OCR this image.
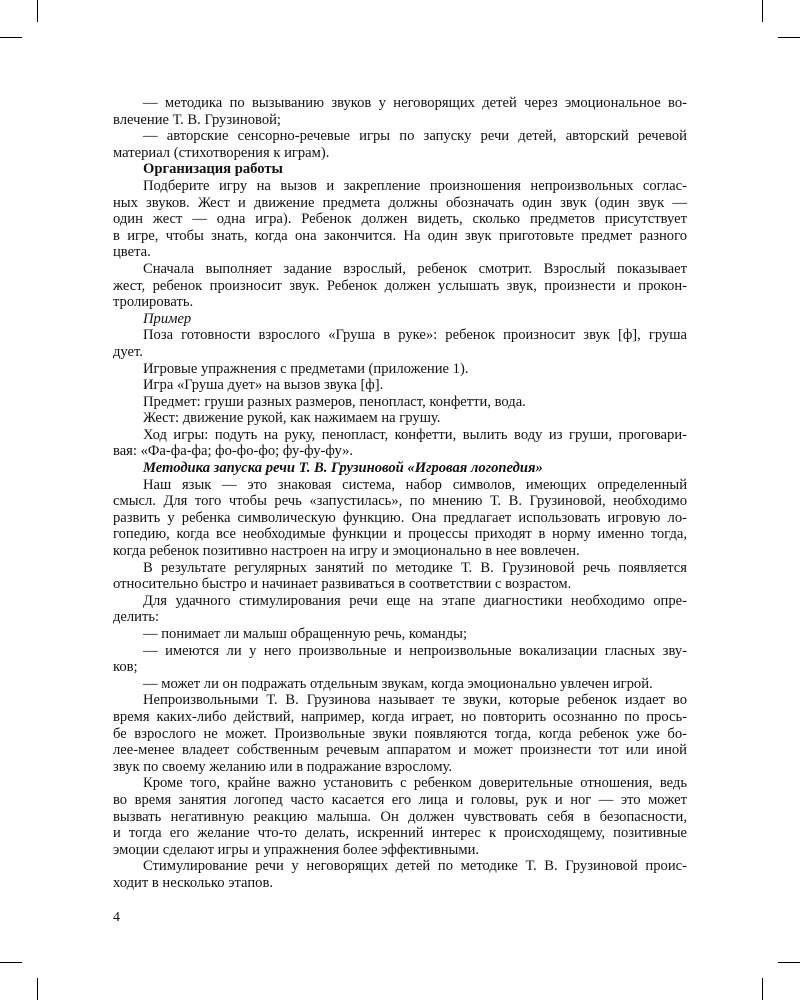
— методика по вызыванию звуков у неговорящих детей через эмоциональное во-
влечение Т. В. Грузиновой;
— авторские сенсорно-речевые игры по запуску речи детей, авторский речевой
материал (стихотворения к играм).
Организация работы
Подберите игру на вызов и закрепление произношения непроизвольных соглас-
ных звуков. Жест и движение предмета должны обозначать один звук (один звук —
один жест — одна игра). Ребенок должен видеть, сколько предметов присутствует
в игре, чтобы знать, когда она закончится. На один звук приготовьте предмет разного
цвета.
Сначала выполняет задание взрослый, ребенок смотрит. Взрослый показывает
жест, ребенок произносит звук. Ребенок должен услышать звук, произнести и прокон-
тролировать.
Пример
Поза готовности взрослого «Груша в руке»: ребенок произносит звук [ф], груша
дует.
Игровые упражнения с предметами (приложение 1).
Игра «Груша дует» на вызов звука [ф].
Предмет: груши разных размеров, пенопласт, конфетти, вода.
Жест: движение рукой, как нажимаем на грушу.
Ход игры: подуть на руку, пенопласт, конфетти, вылить воду из груши, проговари-
вая: «Фа-фа-фа; фо-фо-фо; фу-фу-фу».
Методика запуска речи Т. В. Грузиновой «Игровая логопедия»
Наш язык — это знаковая система, набор символов, имеющих определенный
смысл. Для того чтобы речь «запустилась», по мнению Т. В. Грузиновой, необходимо
развить у ребенка символическую функцию. Она предлагает использовать игровую ло-
гопедию, когда все необходимые функции и процессы приходят в норму именно тогда,
когда ребенок позитивно настроен на игру и эмоционально в нее вовлечен.
В результате регулярных занятий по методике Т. В. Грузиновой речь появляется
относительно быстро и начинает развиваться в соответствии с возрастом.
Для удачного стимулирования речи еще на этапе диагностики необходимо опре-
делить:
— понимает ли малыш обращенную речь, команды;
— имеются ли у него произвольные и непроизвольные вокализации гласных зву-
ков;
— может ли он подражать отдельным звукам, когда эмоционально увлечен игрой.
Непроизвольными Т. В. Грузинова называет те звуки, которые ребенок издает во
время каких-либо действий, например, когда играет, но повторить осознанно по прось-
бе взрослого не может. Произвольные звуки появляются тогда, когда ребенок уже бо-
лее-менее владеет собственным речевым аппаратом и может произнести тот или иной
звук по своему желанию или в подражание взрослому.
Кроме того, крайне важно установить с ребенком доверительные отношения, ведь
во время занятия логопед часто касается его лица и головы, рук и ног — это может
вызвать негативную реакцию малыша. Он должен чувствовать себя в безопасности,
и тогда его желание что-то делать, искренний интерес к происходящему, позитивные
эмоции сделают игры и упражнения более эффективными.
Стимулирование речи у неговорящих детей по методике Т. В. Грузиновой проис-
ходит в несколько этапов.
4
